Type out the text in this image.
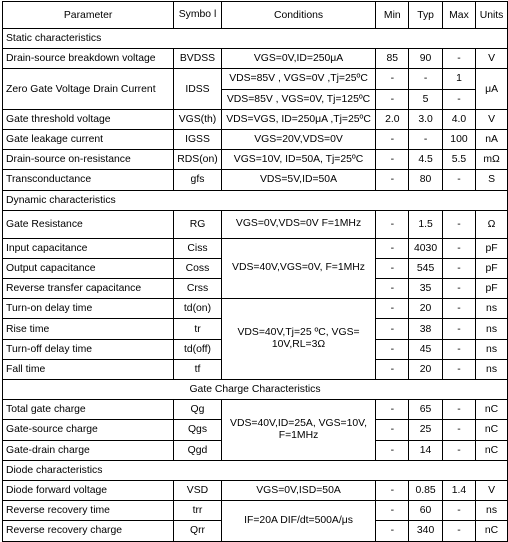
Parameter	Symbo l	Conditions	Min	Typ	Max	Units
Static characteristics						
Drain-source breakdown voltage	BVDSS	VGS=0V,ID=250μA	85	90	-	V
Zero Gate Voltage Drain Current	IDSS	VDS=85V , VGS=0V ,Tj=25ºC	-	-	1	μA
		VDS=85V , VGS=0V, Tj=125ºC	-	5	-	
Gate threshold voltage	VGS(th)	VDS=VGS, ID=250μA ,Tj=25ºC	2.0	3.0	4.0	V
Gate leakage current	IGSS	VGS=20V,VDS=0V	-	-	100	nA
Drain-source on-resistance	RDS(on)	VGS=10V, ID=50A, Tj=25ºC	-	4.5	5.5	mΩ
Transconductance	gfs	VDS=5V,ID=50A	-	80	-	S
Dynamic characteristics						
Gate Resistance	RG	VGS=0V,VDS=0V F=1MHz	-	1.5	-	Ω
Input capacitance	Ciss	VDS=40V,VGS=0V, F=1MHz	-	4030	-	pF
Output capacitance	Coss		-	545	-	pF
Reverse transfer capacitance	Crss		-	35	-	pF
Turn-on delay time	td(on)	VDS=40V,Tj=25 ºC, VGS= 10V,RL=3Ω	-	20	-	ns
Rise time	tr		-	38	-	ns
Turn-off delay time	td(off)		-	45	-	ns
Fall time	tf		-	20	-	ns
Gate Charge Characteristics						
Total gate charge	Qg	VDS=40V,ID=25A, VGS=10V, F=1MHz	-	65	-	nC
Gate-source charge	Qgs		-	25	-	nC
Gate-drain charge	Qgd		-	14	-	nC
Diode characteristics						
Diode forward voltage	VSD	VGS=0V,ISD=50A	-	0.85	1.4	V
Reverse recovery time	trr	IF=20A DIF/dt=500A/μs	-	60	-	ns
Reverse recovery charge	Qrr		-	340	-	nC
